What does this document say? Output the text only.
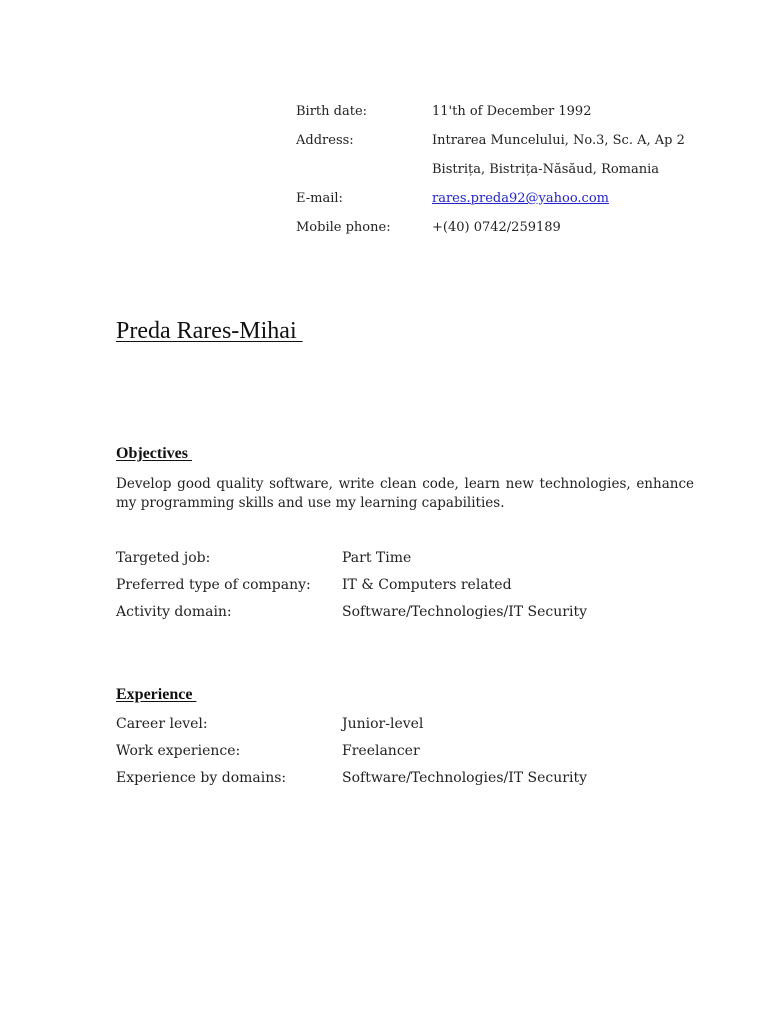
Birth date:	11'th of December 1992
Address:	Intrarea Muncelului, No.3, Sc. A, Ap 2
Bistrița, Bistrița-Năsăud, Romania
E-mail:	rares.preda92@yahoo.com
Mobile phone:	+(40) 0742/259189
Preda Rares-Mihai
Objectives
Develop good quality software, write clean code, learn new technologies, enhance my programming skills and use my learning capabilities.
Targeted job:	Part Time
Preferred type of company:	IT & Computers related
Activity domain:	Software/Technologies/IT Security
Experience
Career level:	Junior-level
Work experience:	Freelancer
Experience by domains:	Software/Technologies/IT Security
